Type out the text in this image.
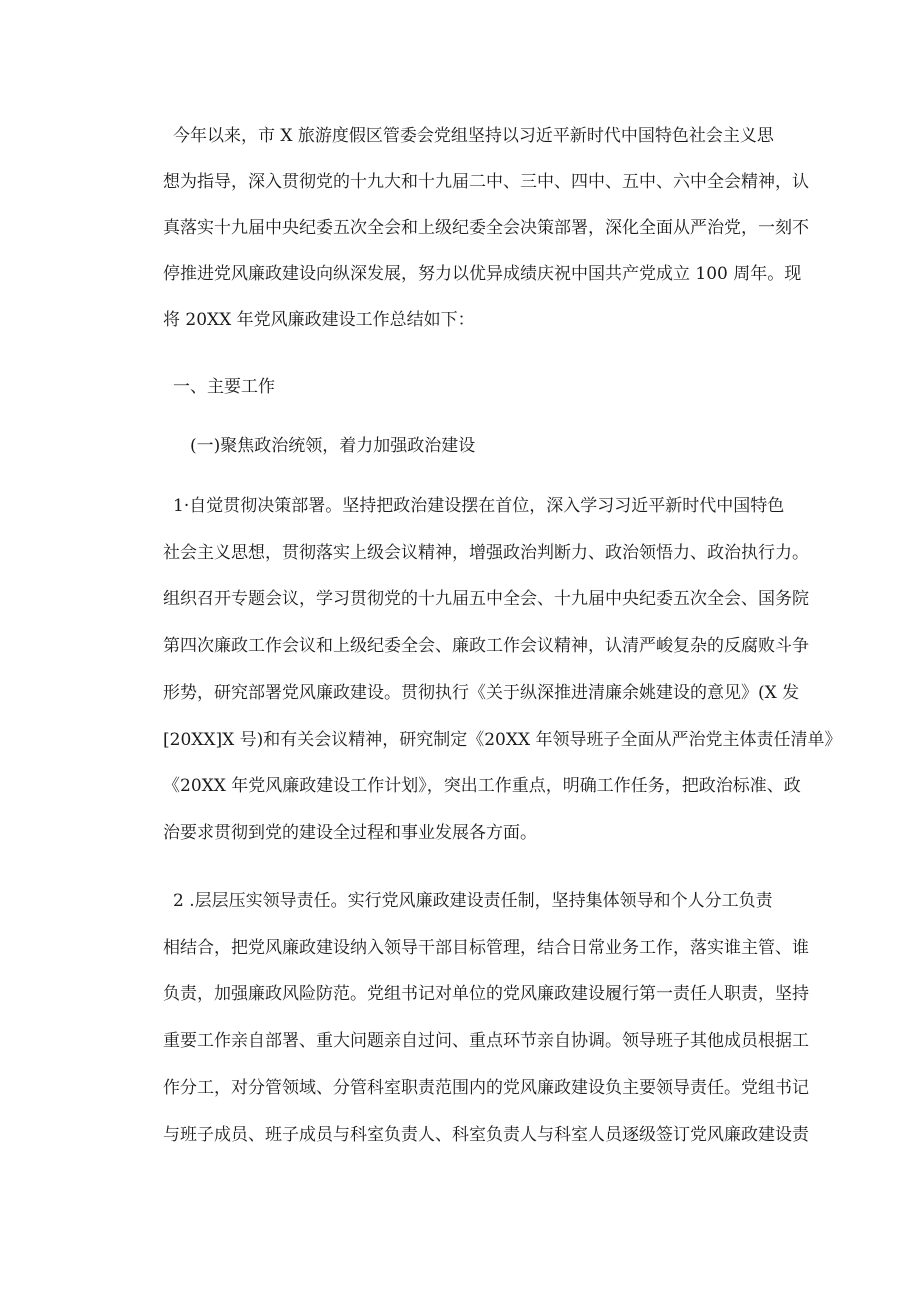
今年以来，市 X 旅游度假区管委会党组坚持以习近平新时代中国特色社会主义思
想为指导，深入贯彻党的十九大和十九届二中、三中、四中、五中、六中全会精神，认
真落实十九届中央纪委五次全会和上级纪委全会决策部署，深化全面从严治党，一刻不
停推进党风廉政建设向纵深发展，努力以优异成绩庆祝中国共产党成立 100 周年。现
将 20XX 年党风廉政建设工作总结如下：
一、主要工作
(一)聚焦政治统领，着力加强政治建设
1·自觉贯彻决策部署。坚持把政治建设摆在首位，深入学习习近平新时代中国特色
社会主义思想，贯彻落实上级会议精神，增强政治判断力、政治领悟力、政治执行力。
组织召开专题会议，学习贯彻党的十九届五中全会、十九届中央纪委五次全会、国务院
第四次廉政工作会议和上级纪委全会、廉政工作会议精神，认清严峻复杂的反腐败斗争
形势，研究部署党风廉政建设。贯彻执行《关于纵深推进清廉余姚建设的意见》(X 发
[20XX]X 号)和有关会议精神，研究制定《20XX 年领导班子全面从严治党主体责任清单》
《20XX 年党风廉政建设工作计划》，突出工作重点，明确工作任务，把政治标准、政
治要求贯彻到党的建设全过程和事业发展各方面。
2 .层层压实领导责任。实行党风廉政建设责任制，坚持集体领导和个人分工负责
相结合，把党风廉政建设纳入领导干部目标管理，结合日常业务工作，落实谁主管、谁
负责，加强廉政风险防范。党组书记对单位的党风廉政建设履行第一责任人职责，坚持
重要工作亲自部署、重大问题亲自过问、重点环节亲自协调。领导班子其他成员根据工
作分工，对分管领域、分管科室职责范围内的党风廉政建设负主要领导责任。党组书记
与班子成员、班子成员与科室负责人、科室负责人与科室人员逐级签订党风廉政建设责
